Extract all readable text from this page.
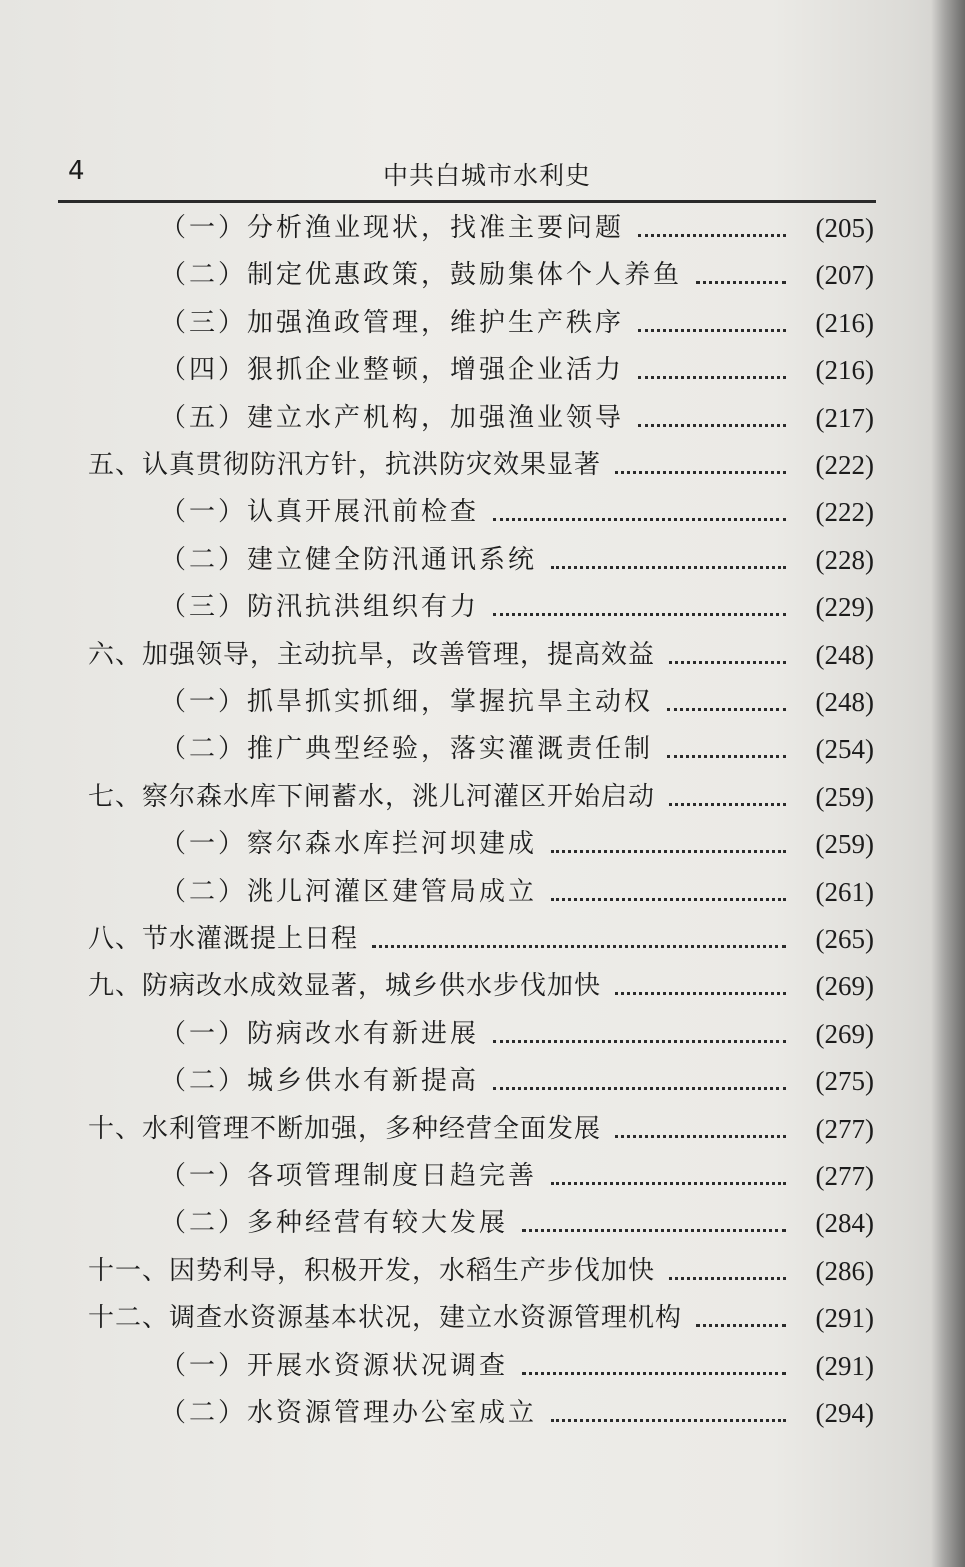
4	中共白城市水利史
（一）分析渔业现状，找准主要问题	(205)
（二）制定优惠政策，鼓励集体个人养鱼	(207)
（三）加强渔政管理，维护生产秩序	(216)
（四）狠抓企业整顿，增强企业活力	(216)
（五）建立水产机构，加强渔业领导	(217)
五、认真贯彻防汛方针，抗洪防灾效果显著	(222)
（一）认真开展汛前检查	(222)
（二）建立健全防汛通讯系统	(228)
（三）防汛抗洪组织有力	(229)
六、加强领导，主动抗旱，改善管理，提高效益	(248)
（一）抓旱抓实抓细，掌握抗旱主动权	(248)
（二）推广典型经验，落实灌溉责任制	(254)
七、察尔森水库下闸蓄水，洮儿河灌区开始启动	(259)
（一）察尔森水库拦河坝建成	(259)
（二）洮儿河灌区建管局成立	(261)
八、节水灌溉提上日程	(265)
九、防病改水成效显著，城乡供水步伐加快	(269)
（一）防病改水有新进展	(269)
（二）城乡供水有新提高	(275)
十、水利管理不断加强，多种经营全面发展	(277)
（一）各项管理制度日趋完善	(277)
（二）多种经营有较大发展	(284)
十一、因势利导，积极开发，水稻生产步伐加快	(286)
十二、调查水资源基本状况，建立水资源管理机构	(291)
（一）开展水资源状况调查	(291)
（二）水资源管理办公室成立	(294)
